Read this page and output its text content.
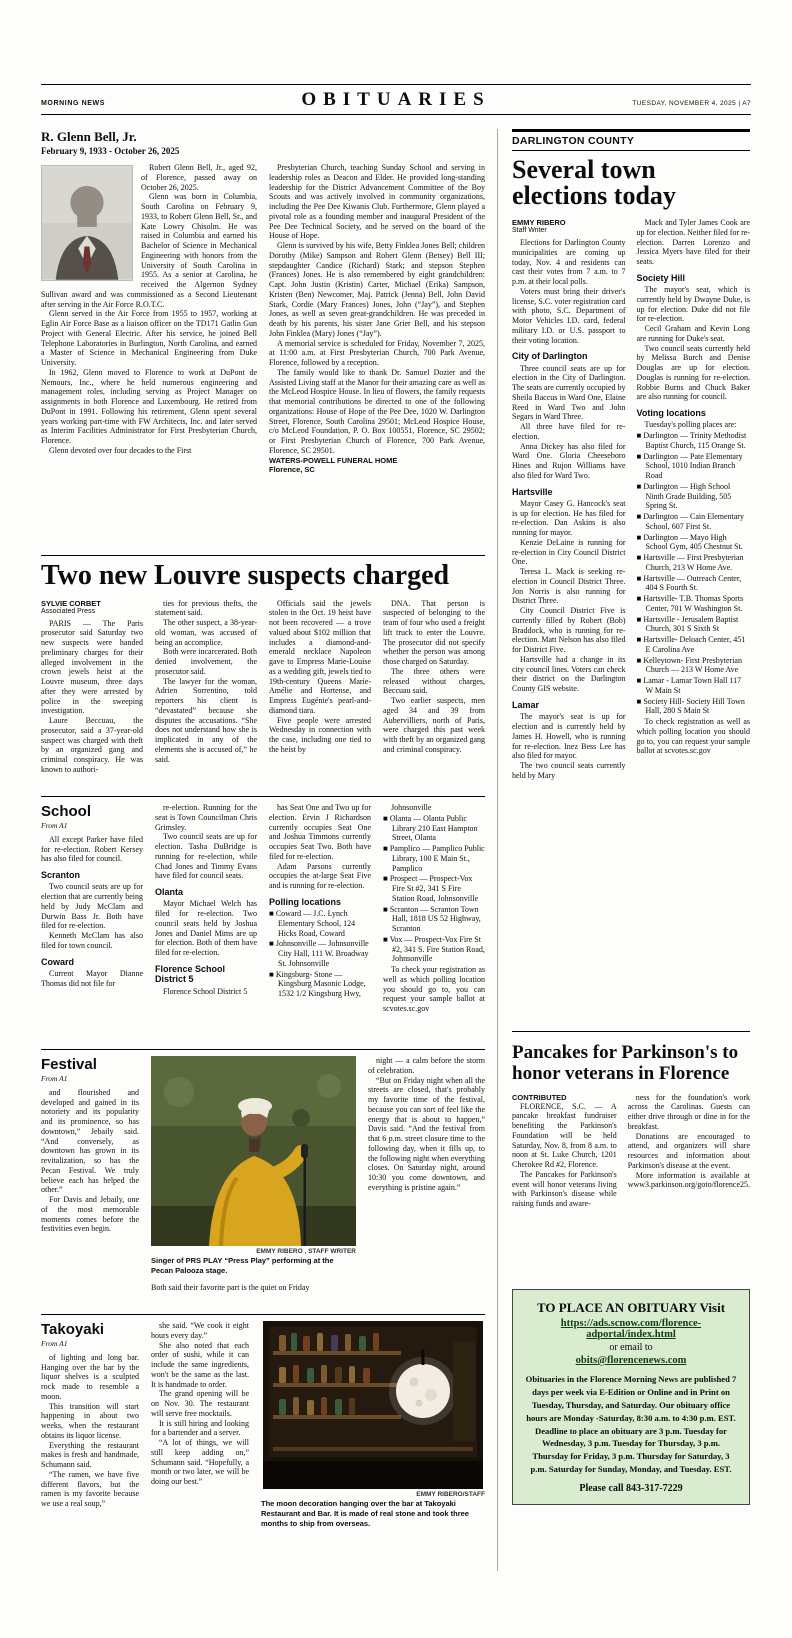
MORNING NEWS	OBITUARIES	TUESDAY, NOVEMBER 4, 2025 | A7
R. Glenn Bell, Jr.
February 9, 1933 - October 26, 2025
Robert Glenn Bell, Jr., aged 92, of Florence, passed away on October 26, 2025.
Glenn was born in Columbia, South Carolina on February 9, 1933, to Robert Glenn Bell, Sr., and Kate Lowry Chisolm. He was raised in Columbia and earned his Bachelor of Science in Mechanical Engineering with honors from the University of South Carolina in 1955. As a senior at Carolina, he received the Algernon Sydney Sullivan award and was commissioned as a Second Lieutenant after serving in the Air Force R.O.T.C.
Glenn served in the Air Force from 1955 to 1957, working at Eglin Air Force Base as a liaison officer on the TD171 Gatlin Gun Project with General Electric. After his service, he joined Bell Telephone Laboratories in Burlington, North Carolina, and earned a Master of Science in Mechanical Engineering from Duke University.
In 1962, Glenn moved to Florence to work at DuPont de Nemours, Inc., where he held numerous engineering and management roles, including serving as Project Manager on assignments in both Florence and Luxembourg. He retired from DuPont in 1991. Following his retirement, Glenn spent several years working part-time with FW Architects, Inc. and later served as Interim Facilities Administrator for First Presbyterian Church, Florence.
Glenn devoted over four decades to the First
Presbyterian Church, teaching Sunday School and serving in leadership roles as Deacon and Elder. He provided long-standing leadership for the District Advancement Committee of the Boy Scouts and was actively involved in community organizations, including the Pee Dee Kiwanis Club. Furthermore, Glenn played a pivotal role as a founding member and inaugural President of the Pee Dee Technical Society, and he served on the board of the House of Hope.
Glenn is survived by his wife, Betty Finklea Jones Bell; children Dorothy (Mike) Sampson and Robert Glenn (Betsey) Bell III; stepdaughter Candice (Richard) Stark; and stepson Stephen (Frances) Jones. He is also remembered by eight grandchildren: Capt. John Justin (Kristin) Carter, Michael (Erika) Sampson, Kristen (Ben) Newcomer, Maj. Patrick (Jenna) Bell, John David Stark, Cordie (Mary Frances) Jones, John (“Jay”), and Stephen Jones, as well as seven great-grandchildren. He was preceded in death by his parents, his sister Jane Grier Bell, and his stepson John Finklea (Mary) Jones (“Jay”).
A memorial service is scheduled for Friday, November 7, 2025, at 11:00 a.m. at First Presbyterian Church, 700 Park Avenue, Florence, followed by a reception.
The family would like to thank Dr. Samuel Dozier and the Assisted Living staff at the Manor for their amazing care as well as the McLeod Hospice House. In lieu of flowers, the family requests that memorial contributions be directed to one of the following organizations: House of Hope of the Pee Dee, 1020 W. Darlington Street, Florence, South Carolina 29501; McLeod Hospice House, c/o McLeod Foundation, P. O. Box 100551, Florence, SC 29502; or First Presbyterian Church of Florence, 700 Park Avenue, Florence, SC 29501.
WATERS-POWELL FUNERAL HOME
Florence, SC
Two new Louvre suspects charged
SYLVIE CORBET
Associated Press
PARIS — The Paris prosecutor said Saturday two new suspects were handed preliminary charges for their alleged involvement in the crown jewels heist at the Louvre museum, three days after they were arrested by police in the sweeping investigation.
Laure Beccuau, the prosecutor, said a 37-year-old suspect was charged with theft by an organized gang and criminal conspiracy. He was known to authori-
ties for previous thefts, the statement said.
The other suspect, a 38-year-old woman, was accused of being an accomplice.
Both were incarcerated. Both denied involvement, the prosecutor said.
The lawyer for the woman, Adrien Sorrentino, told reporters his client is “devastated” because she disputes the accusations. “She does not understand how she is implicated in any of the elements she is accused of,” he said.
Officials said the jewels stolen in the Oct. 19 heist have not been recovered — a trove valued about $102 million that includes a diamond-and-emerald necklace Napoleon gave to Empress Marie-Louise as a wedding gift, jewels tied to 19th-century Queens Marie-Amélie and Hortense, and Empress Eugénie's pearl-and-diamond tiara.
Five people were arrested Wednesday in connection with the case, including one tied to the heist by
DNA. That person is suspected of belonging to the team of four who used a freight lift truck to enter the Louvre. The prosecutor did not specify whether the person was among those charged on Saturday.
The three others were released without charges, Beccuau said.
Two earlier suspects, men aged 34 and 39 from Aubervilliers, north of Paris, were charged this past week with theft by an organized gang and criminal conspiracy.
School
From A1
All except Parker have filed for re-election. Robert Kersey has also filed for council.
Scranton
Two council seats are up for election that are currently being held by Judy McClam and Durwin Bass Jr. Both have filed for re-election.
Kenneth McClam has also filed for town council.
Coward
Current Mayor Dianne Thomas did not file for
re-election. Running for the seat is Town Councilman Chris Grimsley.
Two council seats are up for election. Tasha DuBridge is running for re-election, while Chad Jones and Timmy Evans have filed for council seats.
Olanta
Mayor Michael Welch has filed for re-election. Two council seats held by Joshua Jones and Daniel Mims are up for election. Both of them have filed for re-election.
Florence School District 5
Florence School District 5
has Seat One and Two up for election. Ervin J Richardson currently occupies Seat One and Joshua Timmons currently occupies Seat Two. Both have filed for re-election.
Adam Parsons currently occupies the at-large Seat Five and is running for re-election.
Polling locations
■ Coward — J.C. Lynch Elementary School, 124 Hicks Road, Coward
■ Johnsonville — Johnsonville City Hall, 111 W. Broadway St. Johnsonville
■ Kingsburg- Stone — Kingsburg Masonic Lodge, 1532 1/2 Kingsburg Hwy,
Johnsonville
■ Olanta — Olanta Public Library 210 East Hampton Street, Olanta
■ Pamplico — Pamplico Public Library, 100 E Main St., Pamplico
■ Prospect — Prospect-Vox Fire St #2, 341 S Fire Station Road, Johnsonville
■ Scranton — Scranton Town Hall, 1818 US 52 Highway, Scranton
■ Vox — Prospect-Vox Fire St #2, 341 S. Fire Station Road, Johnsonville
To check your registration as well as which polling location you should go to, you can request your sample ballot at scvotes.sc.gov
Festival
From A1
and flourished and developed and gained in its notoriety and its popularity and its prominence, so has downtown,” Jebaily said. “And conversely, as downtown has grown in its revitalization, so has the Pecan Festival. We truly believe each has helped the other.”
For Davis and Jebaily, one of the most memorable moments comes before the festivities even begin.
EMMY RIBERO , STAFF WRITER
Singer of PRS PLAY “Press Play” performing at the Pecan Palooza stage.
Both said their favorite part is the quiet on Friday
night — a calm before the storm of celebration.
“But on Friday night when all the streets are closed, that's probably my favorite time of the festival, because you can sort of feel like the energy that is about to happen,” Davis said. “And the festival from that 6 p.m. street closure time to the following day, when it fills up, to the following night when everything closes. On Saturday night, around 10:30 you come downtown, and everything is pristine again.”
Takoyaki
From A1
of lighting and long bar. Hanging over the bar by the liquor shelves is a sculpted rock made to resemble a moon.
This transition will start happening in about two weeks, when the restaurant obtains its liquor license.
Everything the restaurant makes is fresh and handmade, Schumann said.
“The ramen, we have five different flavors, but the ramen is my favorite because we use a real soup,”
she said. “We cook it eight hours every day.”
She also noted that each order of sushi, while it can include the same ingredients, won't be the same as the last. It is handmade to order.
The grand opening will be on Nov. 30. The restaurant will serve free mocktails.
It is still hiring and looking for a bartender and a server.
“A lot of things, we will still keep adding on,” Schumann said. “Hopefully, a month or two later, we will be doing our best.”
EMMY RIBERO/STAFF
The moon decoration hanging over the bar at Takoyaki Restaurant and Bar. It is made of real stone and took three months to ship from overseas.
DARLINGTON COUNTY
Several town elections today
EMMY RIBERO
Staff Writer
Elections for Darlington County municipalities are coming up today, Nov. 4 and residents can cast their votes from 7 a.m. to 7 p.m. at their local polls.
Voters must bring their driver's license, S.C. voter registration card with photo, S.C. Department of Motor Vehicles I.D. card, federal military I.D. or U.S. passport to their voting location.
City of Darlington
Three council seats are up for election in the City of Darlington. The seats are currently occupied by Sheila Baccus in Ward One, Elaine Reed in Ward Two and John Segars in Ward Three.
All three have filed for re-election.
Anna Dickey has also filed for Ward One. Gloria Cheeseboro Hines and Rujon Williams have also filed for Ward Two.
Hartsville
Mayor Casey G. Hancock's seat is up for election. He has filed for re-election. Dan Askins is also running for mayor.
Kenzie DeLaine is running for re-election in City Council District One.
Teresa L. Mack is seeking re-election in Council District Three. Jon Norris is also running for District Three.
City Council District Five is currently filled by Robert (Bob) Braddock, who is running for re-election. Matt Nelson has also filed for District Five.
Hartsville had a change in its city council lines. Voters can check their district on the Darlington County GIS website.
Lamar
The mayor's seat is up for election and is currently held by James H. Howell, who is running for re-election. Inez Bess Lee has also filed for mayor.
The two council seats currently held by Mary
Mack and Tyler James Cook are up for election. Neither filed for re-election. Darren Lorenzo and Jessica Myers have filed for their seats.
Society Hill
The mayor's seat, which is currently held by Dwayne Duke, is up for election. Duke did not file for re-election.
Cecil Graham and Kevin Long are running for Duke's seat.
Two council seats currently held by Melissa Burch and Denise Douglas are up for election. Douglas is running for re-election. Robbie Burns and Chuck Baker are also running for council.
Voting locations
Tuesday's polling places are:
■ Darlington — Trinity Methodist Baptist Church, 115 Orange St.
■ Darlington — Pate Elementary School, 1010 Indian Branch Road
■ Darlington — High School Ninth Grade Building, 505 Spring St.
■ Darlington — Cain Elementary School, 607 First St.
■ Darlington — Mayo High School Gym, 405 Chestnut St.
■ Hartsville — First Presbyterian Church, 213 W Home Ave.
■ Hartsville — Outreach Center, 404 S Fourth St.
■ Hartsville- T.B. Thomas Sports Center, 701 W Washington St.
■ Hartsville - Jerusalem Baptist Church, 301 S Sixth St
■ Hartsville- Deloach Center, 451 E Carolina Ave
■ Kelleytown- First Presbyterian Church — 213 W Home Ave
■ Lamar - Lamar Town Hall 117 W Main St
■ Society Hill- Society Hill Town Hall, 280 S Main St
To check registration as well as which polling location you should go to, you can request your sample ballot at scvotes.sc.gov
Pancakes for Parkinson's to honor veterans in Florence
CONTRIBUTED
FLORENCE, S.C. — A pancake breakfast fundraiser benefiting the Parkinson's Foundation will be held Saturday, Nov. 8, from 8 a.m. to noon at St. Luke Church, 1201 Cherokee Rd #2, Florence.
The Pancakes for Parkinson's event will honor veterans living with Parkinson's disease while raising funds and aware-
ness for the foundation's work across the Carolinas. Guests can either drive through or dine in for the breakfast.
Donations are encouraged to attend, and organizers will share resources and information about Parkinson's disease at the event.
More information is available at www3.parkinson.org/goto/florence25.
TO PLACE AN OBITUARY Visit
https://ads.scnow.com/florence-adportal/index.html
or email to
obits@florencenews.com
Obituaries in the Florence Morning News are published 7 days per week via E-Edition or Online and in Print on Tuesday, Thursday, and Saturday. Our obituary office hours are Monday -Saturday, 8:30 a.m. to 4:30 p.m. EST. Deadline to place an obituary are 3 p.m. Tuesday for Wednesday, 3 p.m. Tuesday for Thursday, 3 p.m. Thursday for Friday, 3 p.m. Thursday for Saturday, 3 p.m. Saturday for Sunday, Monday, and Tuesday. EST.
Please call 843-317-7229
